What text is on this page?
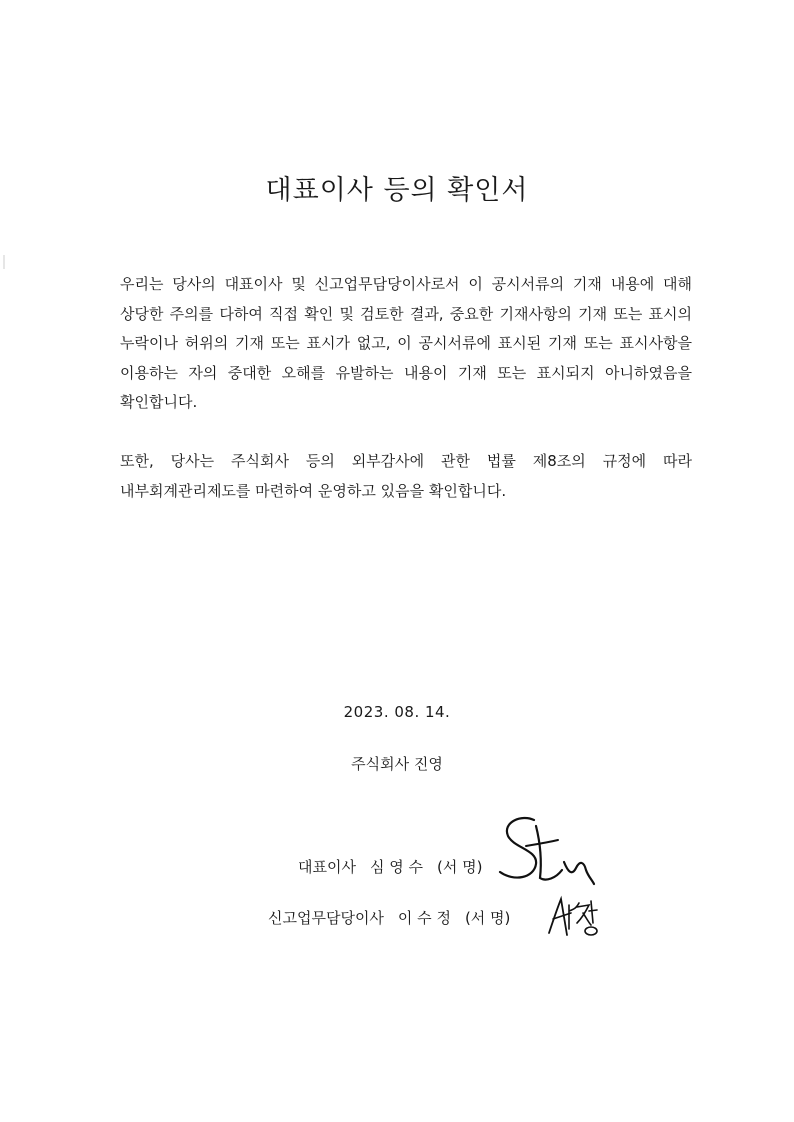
대표이사 등의 확인서

우리는 당사의 대표이사 및 신고업무담당이사로서 이 공시서류의 기재 내용에 대해 상당한 주의를 다하여 직접 확인 및 검토한 결과, 중요한 기재사항의 기재 또는 표시의 누락이나 허위의 기재 또는 표시가 없고, 이 공시서류에 표시된 기재 또는 표시사항을 이용하는 자의 중대한 오해를 유발하는 내용이 기재 또는 표시되지 아니하였음을 확인합니다.

또한, 당사는 주식회사 등의 외부감사에 관한 법률 제8조의 규정에 따라 내부회계관리제도를 마련하여 운영하고 있음을 확인합니다.

2023. 08. 14.
주식회사 진영
대표이사 심 영 수 (서 명)
신고업무담당이사 이 수 정 (서 명)
